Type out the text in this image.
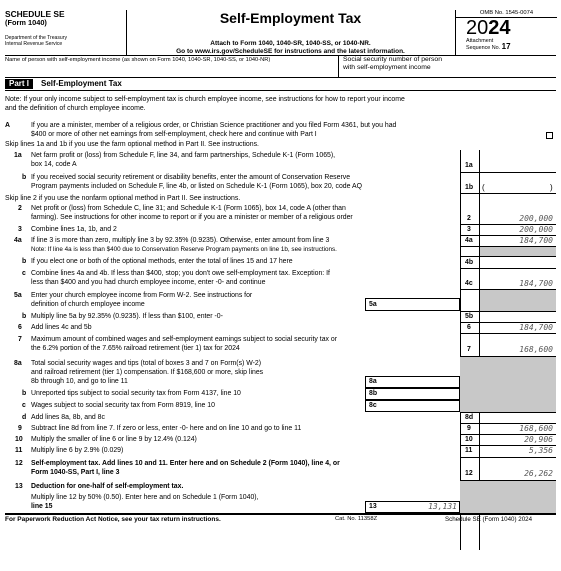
SCHEDULE SE
(Form 1040)
Department of the Treasury
Internal Revenue Service
Self-Employment Tax
Attach to Form 1040, 1040-SR, 1040-SS, or 1040-NR.
Go to www.irs.gov/ScheduleSE for instructions and the latest information.
OMB No. 1545-0074
2024
Attachment
Sequence No. 17
Name of person with self-employment income (as shown on Form 1040, 1040-SR, 1040-SS, or 1040-NR)	Social security number of person
with self-employment income
Part I Self-Employment Tax
Note: If your only income subject to self-employment tax is church employee income, see instructions for how to report your income
and the definition of church employee income.
A	If you are a minister, member of a religious order, or Christian Science practitioner and you filed Form 4361, but you had
$400 or more of other net earnings from self-employment, check here and continue with Part I
Skip lines 1a and 1b if you use the farm optional method in Part II. See instructions.
1a Net farm profit or (loss) from Schedule F, line 34, and farm partnerships, Schedule K-1 (Form 1065),
box 14, code A	1a
b If you received social security retirement or disability benefits, enter the amount of Conservation Reserve
Program payments included on Schedule F, line 4b, or listed on Schedule K-1 (Form 1065), box 20, code AQ	1b (	)
Skip line 2 if you use the nonfarm optional method in Part II. See instructions.
2 Net profit or (loss) from Schedule C, line 31; and Schedule K-1 (Form 1065), box 14, code A (other than
farming). See instructions for other income to report or if you are a minister or member of a religious order	2	200,000
3 Combine lines 1a, 1b, and 2	3	200,000
4a If line 3 is more than zero, multiply line 3 by 92.35% (0.9235). Otherwise, enter amount from line 3
Note: If line 4a is less than $400 due to Conservation Reserve Program payments on line 1b, see instructions.
4a	184,700
b If you elect one or both of the optional methods, enter the total of lines 15 and 17 here	4b
c Combine lines 4a and 4b. If less than $400, stop; you don't owe self-employment tax. Exception: If
less than $400 and you had church employee income, enter -0- and continue	4c	184,700
5a Enter your church employee income from Form W-2. See instructions for
definition of church employee income	5a
b Multiply line 5a by 92.35% (0.9235). If less than $100, enter -0-	5b
6 Add lines 4c and 5b	6	184,700
7 Maximum amount of combined wages and self-employment earnings subject to social security tax or
the 6.2% portion of the 7.65% railroad retirement (tier 1) tax for 2024	7	168,600
8a Total social security wages and tips (total of boxes 3 and 7 on Form(s) W-2)
and railroad retirement (tier 1) compensation. If $168,600 or more, skip lines
8b through 10, and go to line 11	8a
b Unreported tips subject to social security tax from Form 4137, line 10	8b
c Wages subject to social security tax from Form 8919, line 10	8c
d Add lines 8a, 8b, and 8c	8d
9 Subtract line 8d from line 7. If zero or less, enter -0- here and on line 10 and go to line 11	9	168,600
10 Multiply the smaller of line 6 or line 9 by 12.4% (0.124)	10	20,906
11 Multiply line 6 by 2.9% (0.029)	11	5,356
12 Self-employment tax. Add lines 10 and 11. Enter here and on Schedule 2 (Form 1040), line 4, or
Form 1040-SS, Part I, line 3	12	26,262
13 Deduction for one-half of self-employment tax.
Multiply line 12 by 50% (0.50). Enter here and on Schedule 1 (Form 1040),
line 15	13	13,131
For Paperwork Reduction Act Notice, see your tax return instructions.	Cat. No. 11358Z	Schedule SE (Form 1040) 2024
